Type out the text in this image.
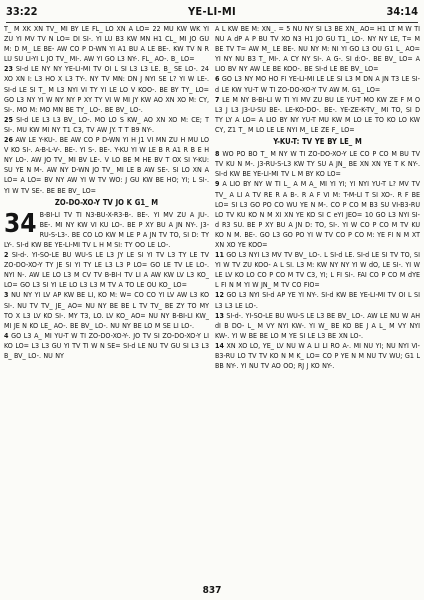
33:22	YE-LI-MI	34:14

T_ M XK XN TV_ MI BY LE FL_ LO XN A LO= 22 MU KW WK YI ZU YI MV TV N LO= DI SI-. YI LU B3 KW MN H1 CL_ MI JO GU M: D M_ LE BE- AW CO P D-WN YI A1 BU A LE BE-. KW TV N R LU SU LI-YI L JO TV_ MI-. AW YI GO L3 NY-. FL_ AO-. B_ LO=

23 SI-d LE NY NY YE-LI-MI TV OI L SI L3 L3 LE. B_ SE LO-. 24 XO XN I: L3 HO X L3 TY-. NY TV MN: DN J NYI SE L? YI W LE-. SI-d LE SI T_ M L3 NYI VI TY YI LE LO V KOO-. BE BY TY_ LO= GO L3 NY YI W NY NY P XY TY VI W MI JY KW AO XN XO M: CY, SI-. MO M: MO MN BE TY_ LO-. BE BV_ LO-.

25 SI-d LE L3 L3 BV_ LO-. MO LO S KW_ AO XN XO M: CE; T SI-. MU KW MI NY T1 C3, TV AW JY. T T B9 NY-.

26 AW LE Y-KU-. BE AW CO P D-WN YI H J1 VI MN ZU H MU LO V KO SI-. A-B-L-V-. BE-. YI S-. BE-. Y-KU YI W LE B R A1 R B E H NY LO-. AW JO TV_ MI BV LE-. V LO BE M HE BV T OX SI Y-KU: SU YE N M-. AW NY D-WN JO TV_ MI LE B AW SE-. SI LO XN A LO= A LO= BV NY AW YI W TV WO: J GU KW BE HO; YI; L SI-. YI W TV SE-. BE BE BV_ LO=

ZO-DO-XO-Y TV JO K G1_ M

34 B-BI-LI TV TI N3-BU-X-R3-B-. BE-. YI MV ZU A JU-. BE-. MI NY KW VI KU LO-. BE P XY BU A JN NY-. J3-RU-S-L3-. BE CO LO KW M LE P A JN TV TO, SI D: TY LY-. SI-d KW BE YE-LI-MI TV L H M SI: TY OO LE LO-.

2 SI-d-. YI-SO-LE BU WU-S LE L3 JY LE SI YI TV L3 TY LE TV ZO-DO-XO-Y TY JE SI YI TY LE L3 L3 P LO= GO LE TV LE LO-. NYI N-. AW LE LO L3 M CV TV B-BI-I TV LI A AW KW LV L3 KO_ LO= GO L3 SI YI LE LO L3 L3 M TV A TO LE OU KO_ LO=

3 NU NY YI LV AP KW BE LI, KO M: W= CO CO YI LV AW L3 KO SI-. NU TV TV_ JE_ AO= NU NY BE BE L TV TV_ BE ZY TO MY TO X L3 LV KO SI-. MY T3, LO. LV KO_ AO= NU NY B-BI-LI KW_ MI JE N KO LE_ AO-. BE BV_ LO-. NU NY BE LO M SE LI LO-.

4 GO L3 A_ MI YU-T W TI ZO-DO-XO-Y-. JO TV SI ZO-DO-XO-Y LI KO LO= L3 L3 GU YI TV TI W N SE= SI-d LE NU TV GU SI L3 L3 B_ BV_ LO-. NU NY

A L KW BE M: XN_. = 5 NU NY SI L3 BE XN_ AO= H1 LT M W TI NU A dP A P BU TV XO N3 H1 JO GU T1_ LO-. NY NY LE, T= M BE TV T= AW M_ LE BE-. NU NY M: NI YI GO L3 OU G1 L_ AO= YI NY NU B3 T_ MI-. A CY NY SI-. A G-. SI d:O-. BE BV_ LO= A LIO BV NY AW LE BE KOO-. BE SI-d LE BE BV_ LO=

6 GO L3 NY MO HO FI YE-LI-MI LE LE SI L3 M DN A JN T3 LE SI-d LE KW YU-T W TI ZO-DO-XO-Y TV AW M. G1_ LO=

7 LE M NY B-BI-LI W TI YI MV ZU BU LE YU-T MO KW ZE F M O L3 J L3 J3-U-SU BE-. LE-KO-DO-. BE-. YE-ZE-K-TV_ MI TO, SI D TY LY A LO= A LIO BY NY YU-T MU KW M LO LE TO KO LO KW CY, Z1 T_ M LO LE LE NYI M_ LE ZE F_ LO=

Y-KU-T: TV YE BY LE_ M

8 WO PO BO T_ M NY W TI ZO-DO-XO-Y LE CO P CO M BU TV TV KU N M-. J3-RU-S-L3 KW TY SU A JN_ BE XN XN YE T K NY-. SI-d KW BE YE-LI-MI TV L M BY KO LO=

9 A LIO BY NY W TI L_ A M A_ MI YI YI; YI NYI YU-T L? MV TV TV_ A LI A TV RE R A B-. R A F VI M: T-M-LI T SI XO-. R F BE LO= SI L3 GO PO CO WU YE N M-. CO P CO M B3 SU VI-B3-RU LO TV KU KO N M XI XN YE KO SI C eYI JEO= 10 GO L3 NYI SI-d R3 SU. BE P XY BU A JN D: TO, SI-. YI W CO P CO M TV KU KO N M. BE-. GO L3 GO PO YI W TV CO P CO M: YE FI N M XT XN XO YE KOO=

11 GO L3 NYI L3 MV TV BV_ LO-. L SI-d LE. SI-d LE SI TV TO, SI YI W TV ZU KOO- A L SI. L3 M: KW NY NY YI W dO, LE SI-. YI W LE LV KO LO CO P CO M TV C3, YI; L FI SI-. FAI CO P CO M dYE L FI N M YI W JN_ M TV CO FIO=

12 GO L3 NYI SI-d AP YE YI NY-. SI-d KW BE YE-LI-MI TV OI L SI L3 L3 LE LO-.

13 SI-d-. YI-SO-LE BU WU-S LE L3 BE BV_ LO-. AW LE NU W AH dI B DO- L_ M VY NYI KW-. YI W_ BE KO BE J A L_ M VY NYI KW-. YI W BE BE LO M YE SI LE L3 BE XN LO-.

14 XN XO LO, YE_ LV NU W A LI LI RO A-. MI NU YI; NU NYI VI-B3-RU LO TV TV KO N M K_ LO= CO P YE N M NU TV WU; G1 L BB NY-. YI NU TV AO OO; RJ J KO NY-.

837
